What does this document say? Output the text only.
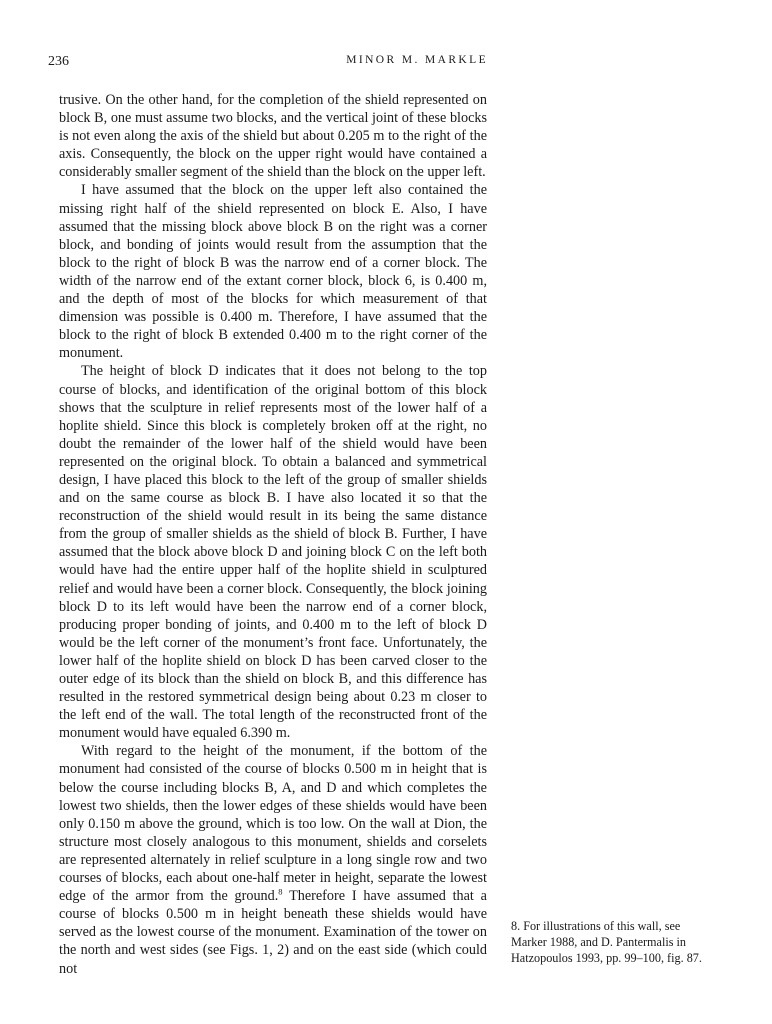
236	MINOR M. MARKLE

trusive. On the other hand, for the completion of the shield represented on block B, one must assume two blocks, and the vertical joint of these blocks is not even along the axis of the shield but about 0.205 m to the right of the axis. Consequently, the block on the upper right would have contained a considerably smaller segment of the shield than the block on the upper left.

I have assumed that the block on the upper left also contained the missing right half of the shield represented on block E. Also, I have assumed that the missing block above block B on the right was a corner block, and bonding of joints would result from the assumption that the block to the right of block B was the narrow end of a corner block. The width of the narrow end of the extant corner block, block 6, is 0.400 m, and the depth of most of the blocks for which measurement of that dimension was possible is 0.400 m. Therefore, I have assumed that the block to the right of block B extended 0.400 m to the right corner of the monument.

The height of block D indicates that it does not belong to the top course of blocks, and identification of the original bottom of this block shows that the sculpture in relief represents most of the lower half of a hoplite shield. Since this block is completely broken off at the right, no doubt the remainder of the lower half of the shield would have been represented on the original block. To obtain a balanced and symmetrical design, I have placed this block to the left of the group of smaller shields and on the same course as block B. I have also located it so that the reconstruction of the shield would result in its being the same distance from the group of smaller shields as the shield of block B. Further, I have assumed that the block above block D and joining block C on the left both would have had the entire upper half of the hoplite shield in sculptured relief and would have been a corner block. Consequently, the block joining block D to its left would have been the narrow end of a corner block, producing proper bonding of joints, and 0.400 m to the left of block D would be the left corner of the monument’s front face. Unfortunately, the lower half of the hoplite shield on block D has been carved closer to the outer edge of its block than the shield on block B, and this difference has resulted in the restored symmetrical design being about 0.23 m closer to the left end of the wall. The total length of the reconstructed front of the monument would have equaled 6.390 m.

With regard to the height of the monument, if the bottom of the monument had consisted of the course of blocks 0.500 m in height that is below the course including blocks B, A, and D and which completes the lowest two shields, then the lower edges of these shields would have been only 0.150 m above the ground, which is too low. On the wall at Dion, the structure most closely analogous to this monument, shields and corselets are represented alternately in relief sculpture in a long single row and two courses of blocks, each about one-half meter in height, separate the lowest edge of the armor from the ground.$^8$ Therefore I have assumed that a course of blocks 0.500 m in height beneath these shields would have served as the lowest course of the monument. Examination of the tower on the north and west sides (see Figs. 1, 2) and on the east side (which could not

8. For illustrations of this wall, see Marker 1988, and D. Pantermalis in Hatzopoulos 1993, pp. 99–100, fig. 87.
